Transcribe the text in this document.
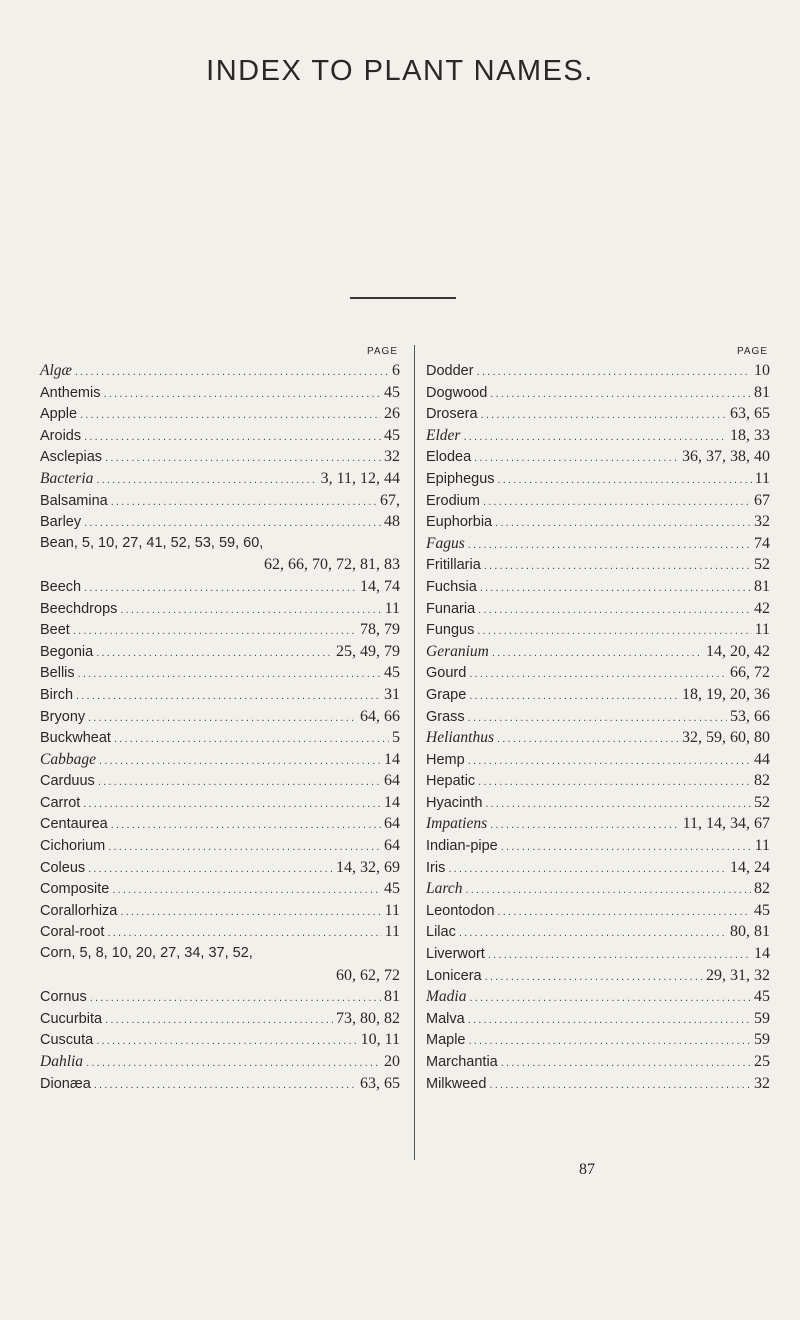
INDEX TO PLANT NAMES.
PAGE
Algæ .....	6
Anthemis .....	45
Apple .....	26
Aroids .....	45
Asclepias .....	32
Bacteria .....	3, 11, 12, 44
Balsamina .....	67,
Barley .....	48
Bean, 5, 10, 27, 41, 52, 53, 59, 60,
62, 66, 70, 72, 81, 83
Beech .....	14, 74
Beechdrops .....	11
Beet .....	78, 79
Begonia .....	25, 49, 79
Bellis .....	45
Birch .....	31
Bryony .....	64, 66
Buckwheat .....	5
Cabbage .....	14
Carduus .....	64
Carrot .....	14
Centaurea .....	64
Cichorium .....	64
Coleus .....	14, 32, 69
Composite .....	45
Corallorhiza .....	11
Coral-root .....	11
Corn, 5, 8, 10, 20, 27, 34, 37, 52,
60, 62, 72
Cornus .....	81
Cucurbita .....	73, 80, 82
Cuscuta .....	10, 11
Dahlia .....	20
Dionæa .....	63, 65
PAGE
Dodder .....	10
Dogwood .....	81
Drosera .....	63, 65
Elder .....	18, 33
Elodea .....	36, 37, 38, 40
Epiphegus .....	11
Erodium .....	67
Euphorbia .....	32
Fagus .....	74
Fritillaria .....	52
Fuchsia .....	81
Funaria .....	42
Fungus .....	11
Geranium .....	14, 20, 42
Gourd .....	66, 72
Grape .....	18, 19, 20, 36
Grass .....	53, 66
Helianthus .....	32, 59, 60, 80
Hemp .....	44
Hepatic .....	82
Hyacinth .....	52
Impatiens .....	11, 14, 34, 67
Indian-pipe .....	11
Iris .....	14, 24
Larch .....	82
Leontodon .....	45
Lilac .....	80, 81
Liverwort .....	14
Lonicera .....	29, 31, 32
Madia .....	45
Malva .....	59
Maple .....	59
Marchantia .....	25
Milkweed .....	32
87
